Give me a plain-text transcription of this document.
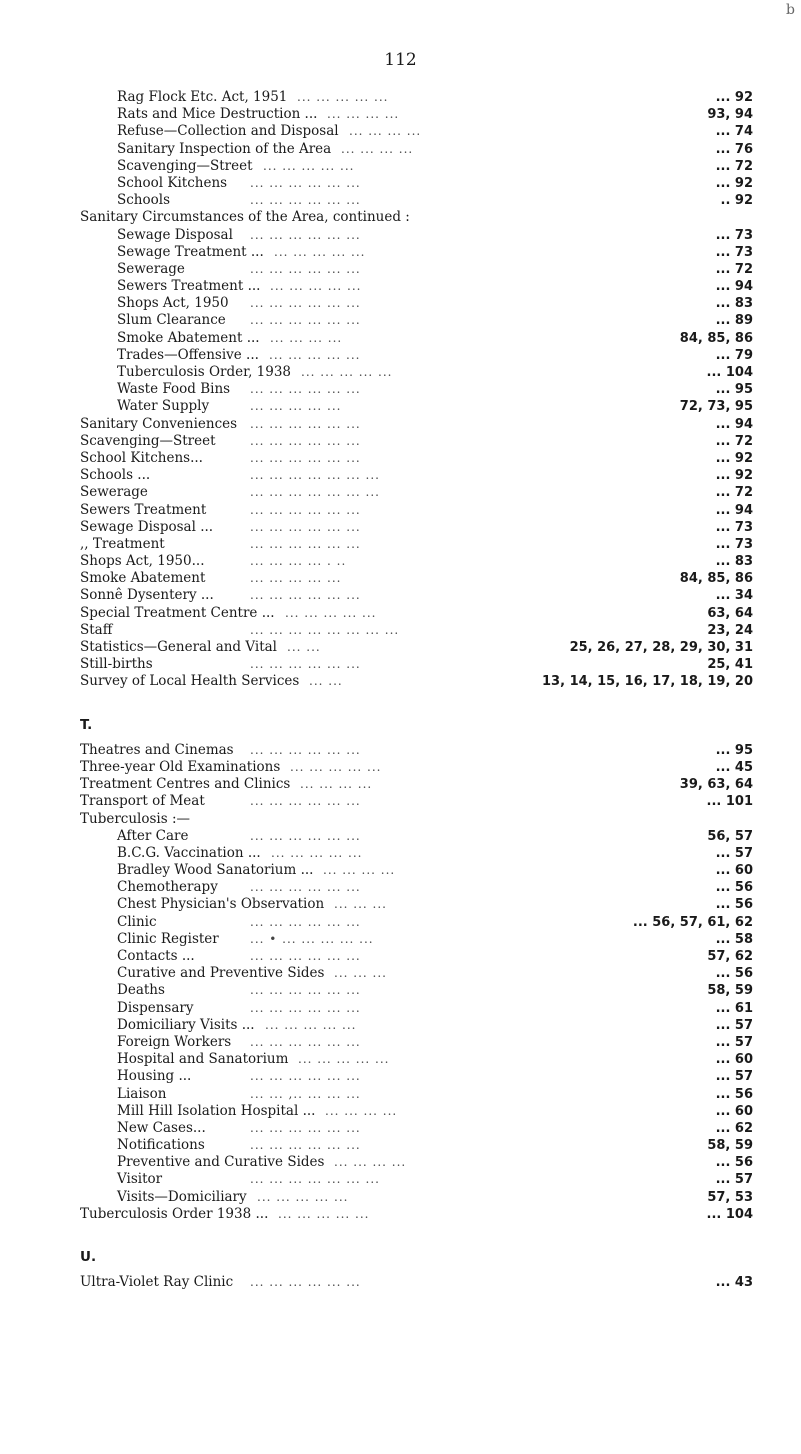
112
b
Rag Flock Etc. Act, 1951 ... ... ... ... ...	... 92
Rats and Mice Destruction ... ... ... ... ...	93, 94
Refuse—Collection and Disposal ... ... ... ...	... 74
Sanitary Inspection of the Area ... ... ... ...	... 76
Scavenging—Street ... ... ... ... ...	... 72
School Kitchens ... ... ... ... ... ...	... 92
Schools	... ... ... ... ... ...	.. 92
Sanitary Circumstances of the Area, continued :
Sewage Disposal ... ... ... ... ... ...	... 73
Sewage Treatment ... ... ... ... ... ...	... 73
Sewerage	... ... ... ... ... ...	... 72
Sewers Treatment ... ... ... ... ... ...	... 94
Shops Act, 1950 ... ... ... ... ... ...	... 83
Slum Clearance ... ... ... ... ... ...	... 89
Smoke Abatement ... ... ... ... ...	84, 85, 86
Trades—Offensive ... ... ... ... ... ...	... 79
Tuberculosis Order, 1938 ... ... ... ... ...	... 104
Waste Food Bins ... ... ... ... ... ...	... 95
Water Supply	... ... ... ... ...	72, 73, 95
Sanitary Conveniences ... ... ... ... ... ...	... 94
Scavenging—Street	... ... ... ... ... ...	... 72
School Kitchens...	... ... ... ... ... ...	... 92
Schools ...	... ... ... ... ... ... ...	... 92
Sewerage	... ... ... ... ... ... ...	... 72
Sewers Treatment	... ... ... ... ... ...	... 94
Sewage Disposal ...	... ... ... ... ... ...	... 73
,, Treatment	... ... ... ... ... ...	... 73
Shops Act, 1950...	... ... ... ... . ..	... 83
Smoke Abatement	... ... ... ... ...	84, 85, 86
Sonnê Dysentery ...	... ... ... ... ... ...	... 34
Special Treatment Centre ... ... ... ... ... ...	63, 64
Staff	... ... ... ... ... ... ... ...	23, 24
Statistics—General and Vital ... ...	25, 26, 27, 28, 29, 30, 31
Still-births	... ... ... ... ... ...	25, 41
Survey of Local Health Services ... ...	13, 14, 15, 16, 17, 18, 19, 20
T.
Theatres and Cinemas ... ... ... ... ... ...	... 95
Three-year Old Examinations ... ... ... ... ...	... 45
Treatment Centres and Clinics ... ... ... ...	39, 63, 64
Transport of Meat	... ... ... ... ... ...	... 101
Tuberculosis :—
After Care	... ... ... ... ... ...	56, 57
B.C.G. Vaccination ... ... ... ... ... ...	... 57
Bradley Wood Sanatorium ... ... ... ... ...	... 60
Chemotherapy	... ... ... ... ... ...	... 56
Chest Physician's Observation ... ... ...	... 56
Clinic	... ... ... ... ... ...	... 56, 57, 61, 62
Clinic Register	... • ... ... ... ... ...	... 58
Contacts ...	... ... ... ... ... ...	57, 62
Curative and Preventive Sides ... ... ...	... 56
Deaths	... ... ... ... ... ...	58, 59
Dispensary	... ... ... ... ... ...	... 61
Domiciliary Visits ... ... ... ... ... ...	... 57
Foreign Workers ... ... ... ... ... ...	... 57
Hospital and Sanatorium ... ... ... ... ...	... 60
Housing ...	... ... ... ... ... ...	... 57
Liaison	... ... ,.. ... ... ...	... 56
Mill Hill Isolation Hospital ... ... ... ... ...	... 60
New Cases...	... ... ... ... ... ...	... 62
Notifications	... ... ... ... ... ...	58, 59
Preventive and Curative Sides ... ... ... ...	... 56
Visitor	... ... ... ... ... ... ...	... 57
Visits—Domiciliary ... ... ... ... ...	57, 53
Tuberculosis Order 1938 ... ... ... ... ... ...	... 104
U.
Ultra-Violet Ray Clinic ... ... ... ... ... ...	... 43
